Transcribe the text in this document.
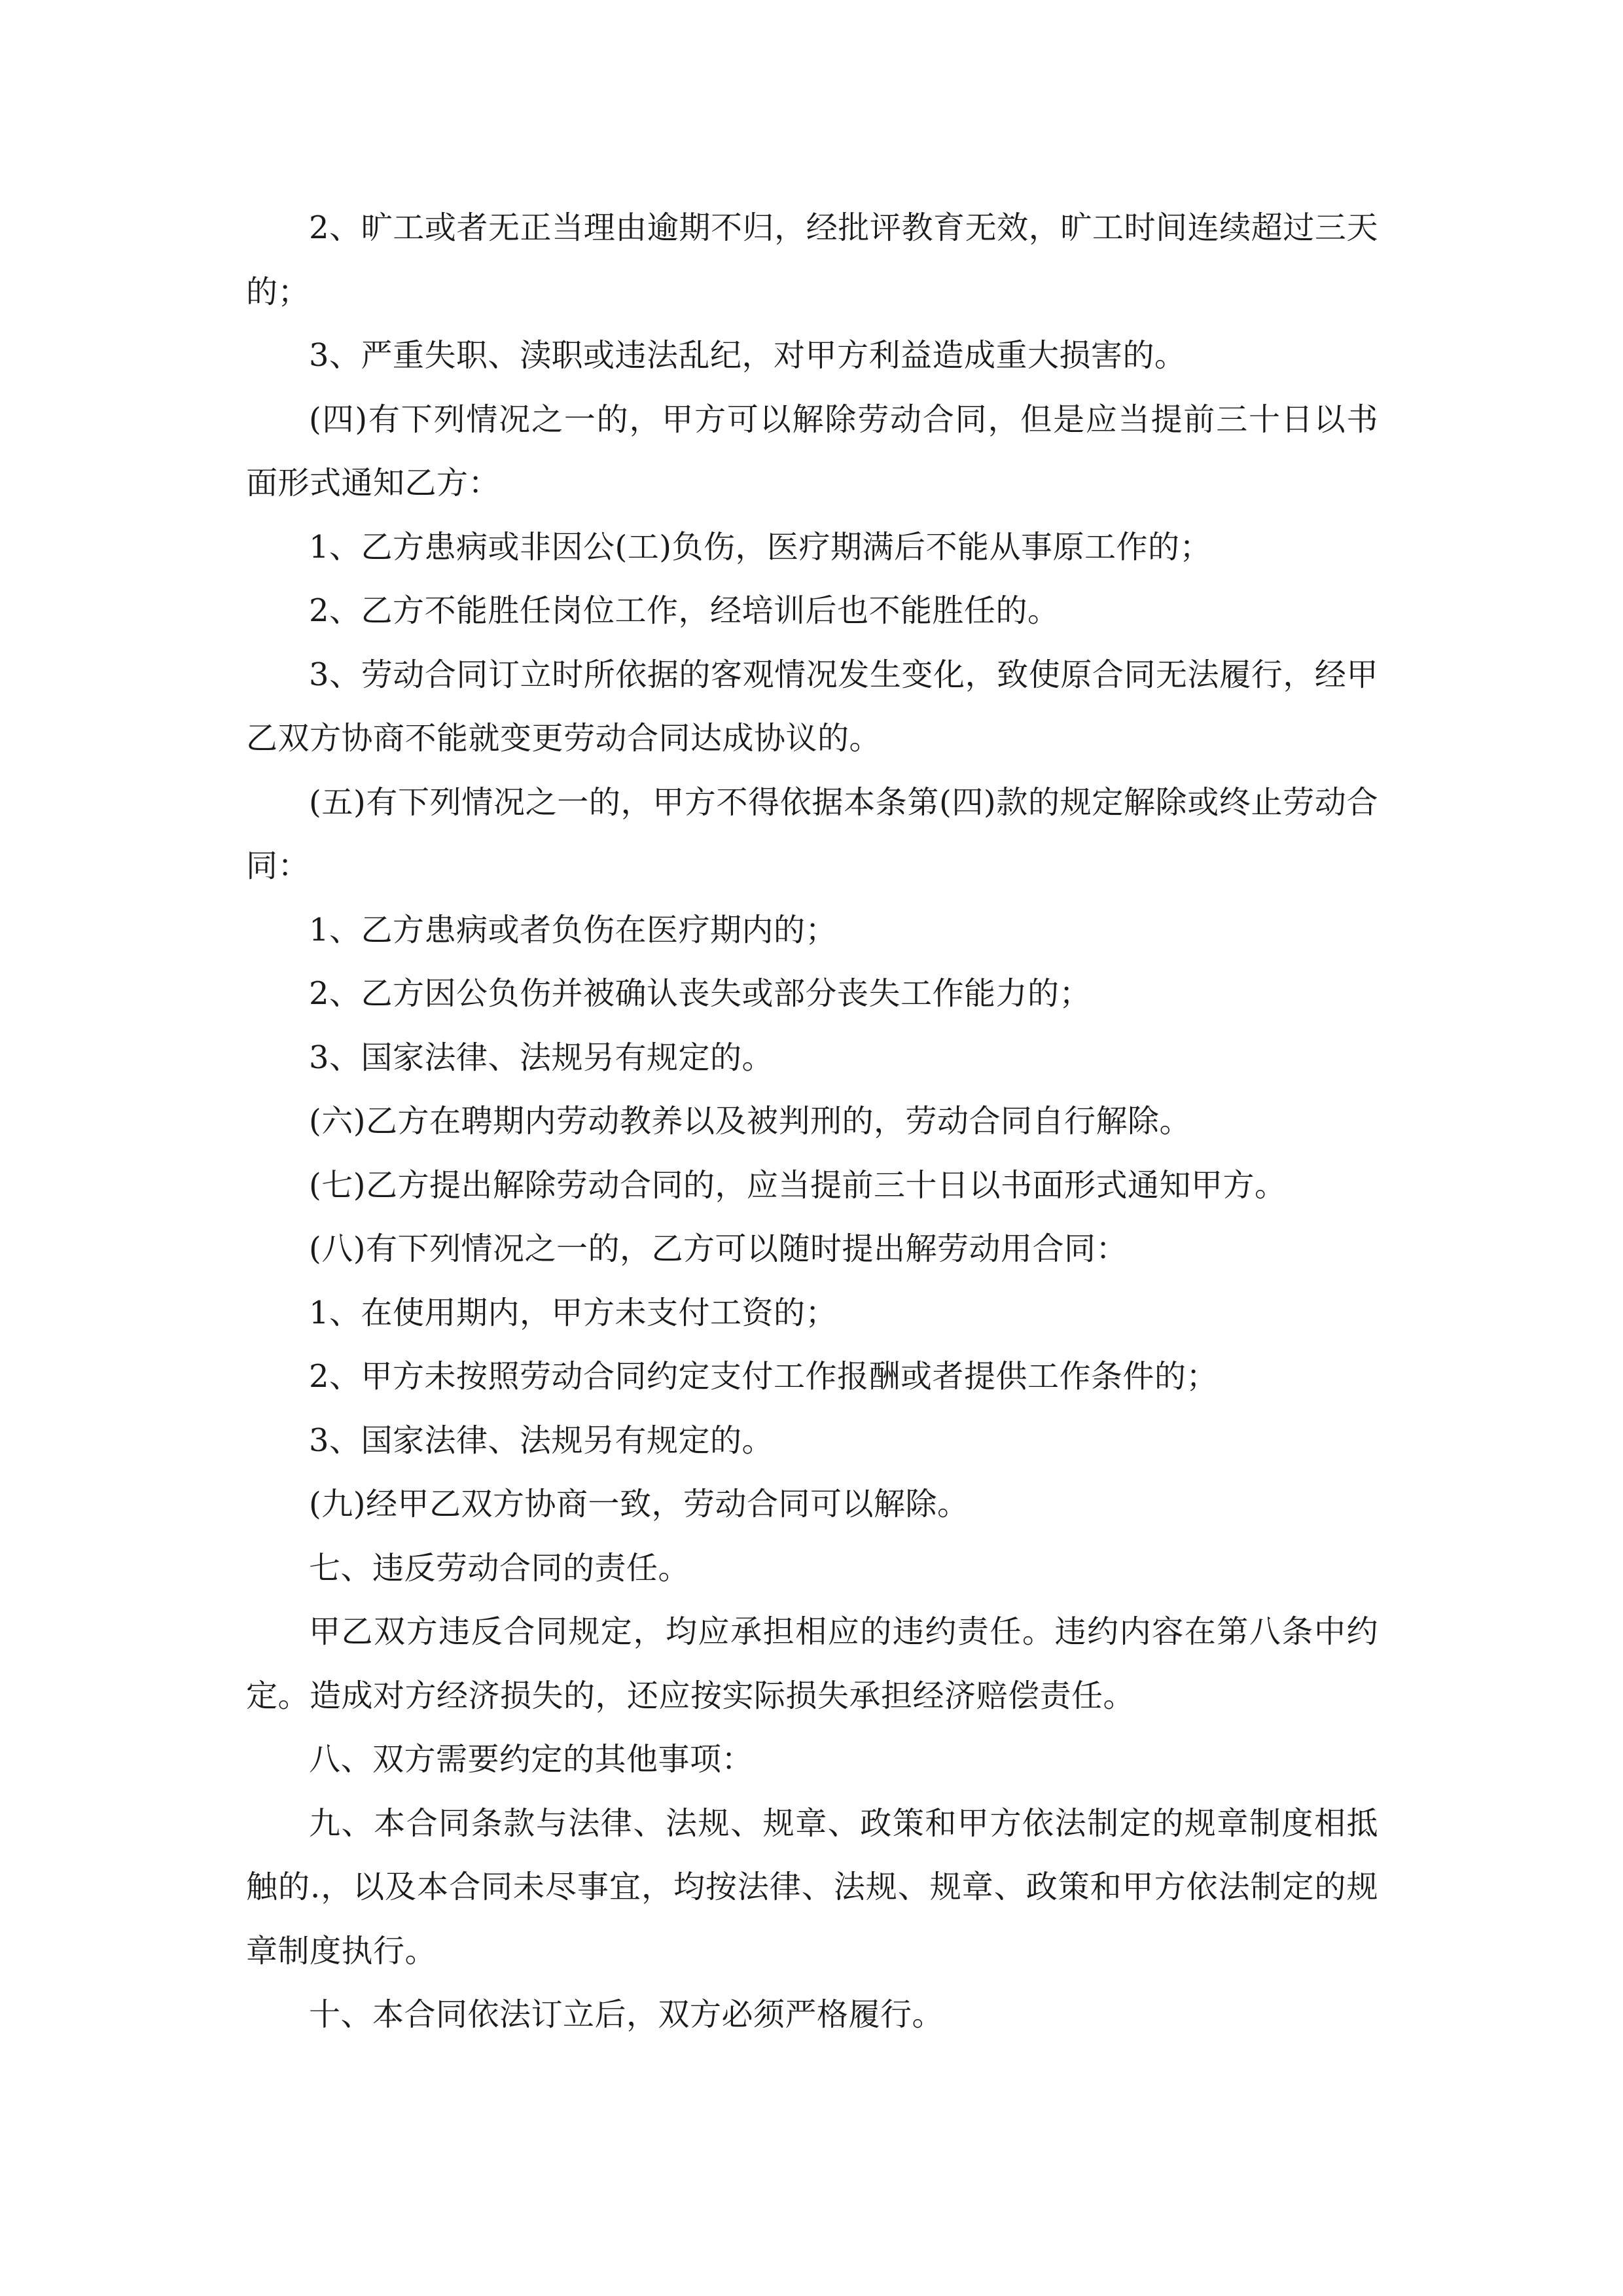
2、旷工或者无正当理由逾期不归，经批评教育无效，旷工时间连续超过三天的；

3、严重失职、渎职或违法乱纪，对甲方利益造成重大损害的。

(四)有下列情况之一的，甲方可以解除劳动合同，但是应当提前三十日以书面形式通知乙方：

1、乙方患病或非因公(工)负伤，医疗期满后不能从事原工作的；

2、乙方不能胜任岗位工作，经培训后也不能胜任的。

3、劳动合同订立时所依据的客观情况发生变化，致使原合同无法履行，经甲乙双方协商不能就变更劳动合同达成协议的。

(五)有下列情况之一的，甲方不得依据本条第(四)款的规定解除或终止劳动合同：

1、乙方患病或者负伤在医疗期内的；

2、乙方因公负伤并被确认丧失或部分丧失工作能力的；

3、国家法律、法规另有规定的。

(六)乙方在聘期内劳动教养以及被判刑的，劳动合同自行解除。

(七)乙方提出解除劳动合同的，应当提前三十日以书面形式通知甲方。

(八)有下列情况之一的，乙方可以随时提出解劳动用合同：

1、在使用期内，甲方未支付工资的；

2、甲方未按照劳动合同约定支付工作报酬或者提供工作条件的；

3、国家法律、法规另有规定的。

(九)经甲乙双方协商一致，劳动合同可以解除。

七、违反劳动合同的责任。

甲乙双方违反合同规定，均应承担相应的违约责任。违约内容在第八条中约定。造成对方经济损失的，还应按实际损失承担经济赔偿责任。

八、双方需要约定的其他事项：

九、本合同条款与法律、法规、规章、政策和甲方依法制定的规章制度相抵触的.，以及本合同未尽事宜，均按法律、法规、规章、政策和甲方依法制定的规章制度执行。

十、本合同依法订立后，双方必须严格履行。
